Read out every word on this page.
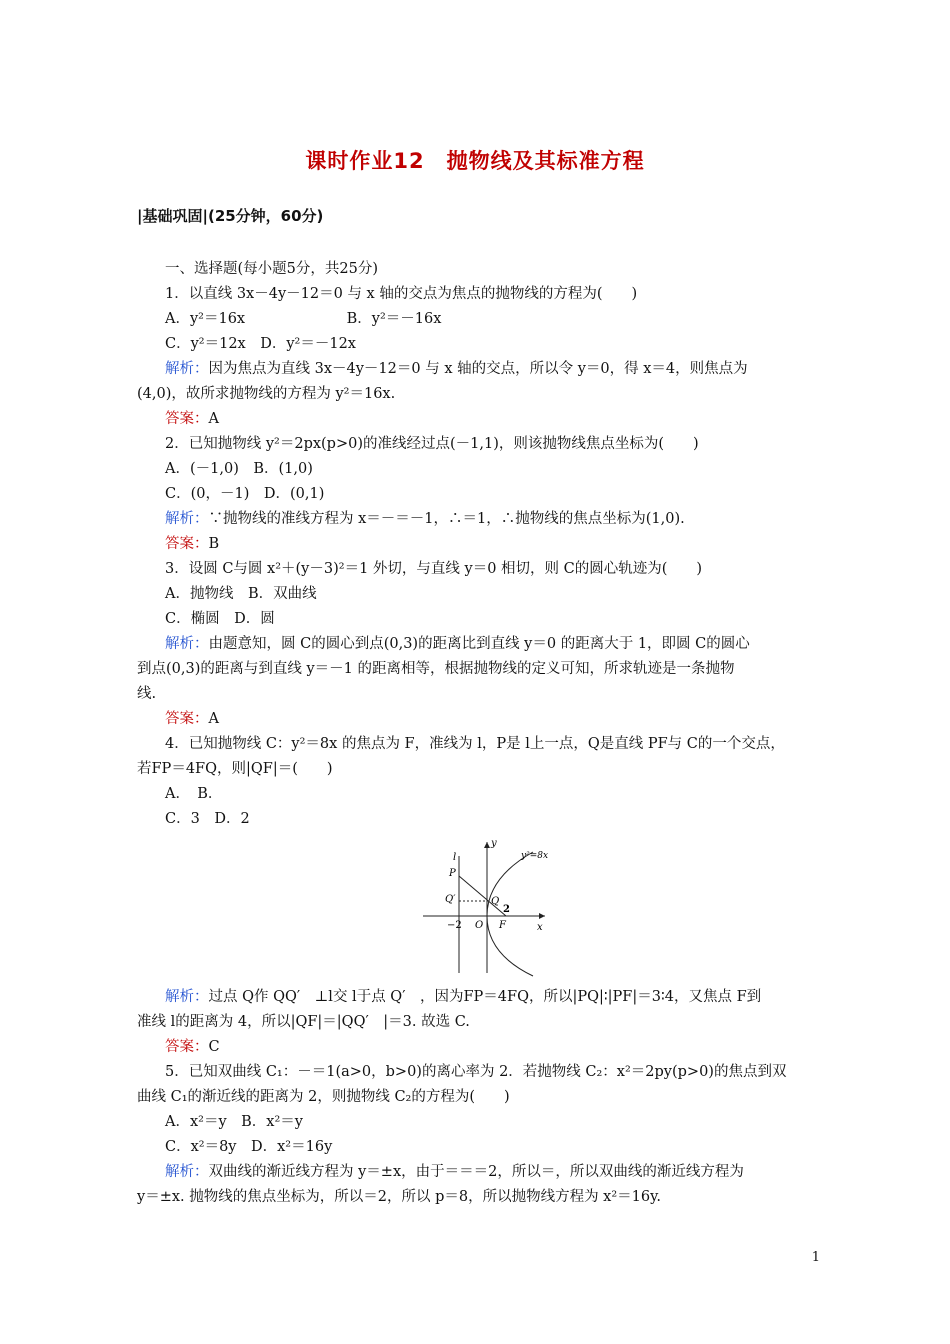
课时作业12　抛物线及其标准方程
|基础巩固|(25分钟，60分)
一、选择题(每小题5分，共25分)
1．以直线 3x－4y－12＝0 与 x 轴的交点为焦点的抛物线的方程为(　　)
A．y²＝16x　　　　　　　B．y²＝－16x
C．y²＝12x　D．y²＝－12x
解析：因为焦点为直线 3x－4y－12＝0 与 x 轴的交点，所以令 y＝0，得 x＝4，则焦点为
(4,0)，故所求抛物线的方程为 y²＝16x.
答案：A
2．已知抛物线 y²＝2px(p>0)的准线经过点(－1,1)，则该抛物线焦点坐标为(　　)
A．(－1,0)　B．(1,0)
C．(0，－1)　D．(0,1)
解析：∵抛物线的准线方程为 x＝－＝－1，∴＝1，∴抛物线的焦点坐标为(1,0).
答案：B
3．设圆 C与圆 x²＋(y－3)²＝1 外切，与直线 y＝0 相切，则 C的圆心轨迹为(　　)
A．抛物线　B．双曲线
C．椭圆　D．圆
解析：由题意知，圆 C的圆心到点(0,3)的距离比到直线 y＝0 的距离大于 1，即圆 C的圆心
到点(0,3)的距离与到直线 y＝－1 的距离相等，根据抛物线的定义可知，所求轨迹是一条抛物
线.
答案：A
4．已知抛物线 C：y²＝8x 的焦点为 F，准线为 l，P是 l上一点，Q是直线 PF与 C的一个交点，
若FP＝4FQ，则|QF|＝(　　)
A．　B．
C．3　D．2
y
x
y²=8x
l
P
Q′	Q
2
−2 O F
解析：过点 Q作 QQ′　⊥l交 l于点 Q′　，因为FP＝4FQ，所以|PQ|∶|PF|＝3∶4，又焦点 F到
准线 l的距离为 4，所以|QF|＝|QQ′　|＝3. 故选 C.
答案：C
5．已知双曲线 C₁：－＝1(a>0，b>0)的离心率为 2．若抛物线 C₂：x²＝2py(p>0)的焦点到双
曲线 C₁的渐近线的距离为 2，则抛物线 C₂的方程为(　　)
A．x²＝y　B．x²＝y
C．x²＝8y　D．x²＝16y
解析：双曲线的渐近线方程为 y＝±x，由于＝＝＝2，所以＝，所以双曲线的渐近线方程为
y＝±x. 抛物线的焦点坐标为，所以＝2，所以 p＝8，所以抛物线方程为 x²＝16y.
1
